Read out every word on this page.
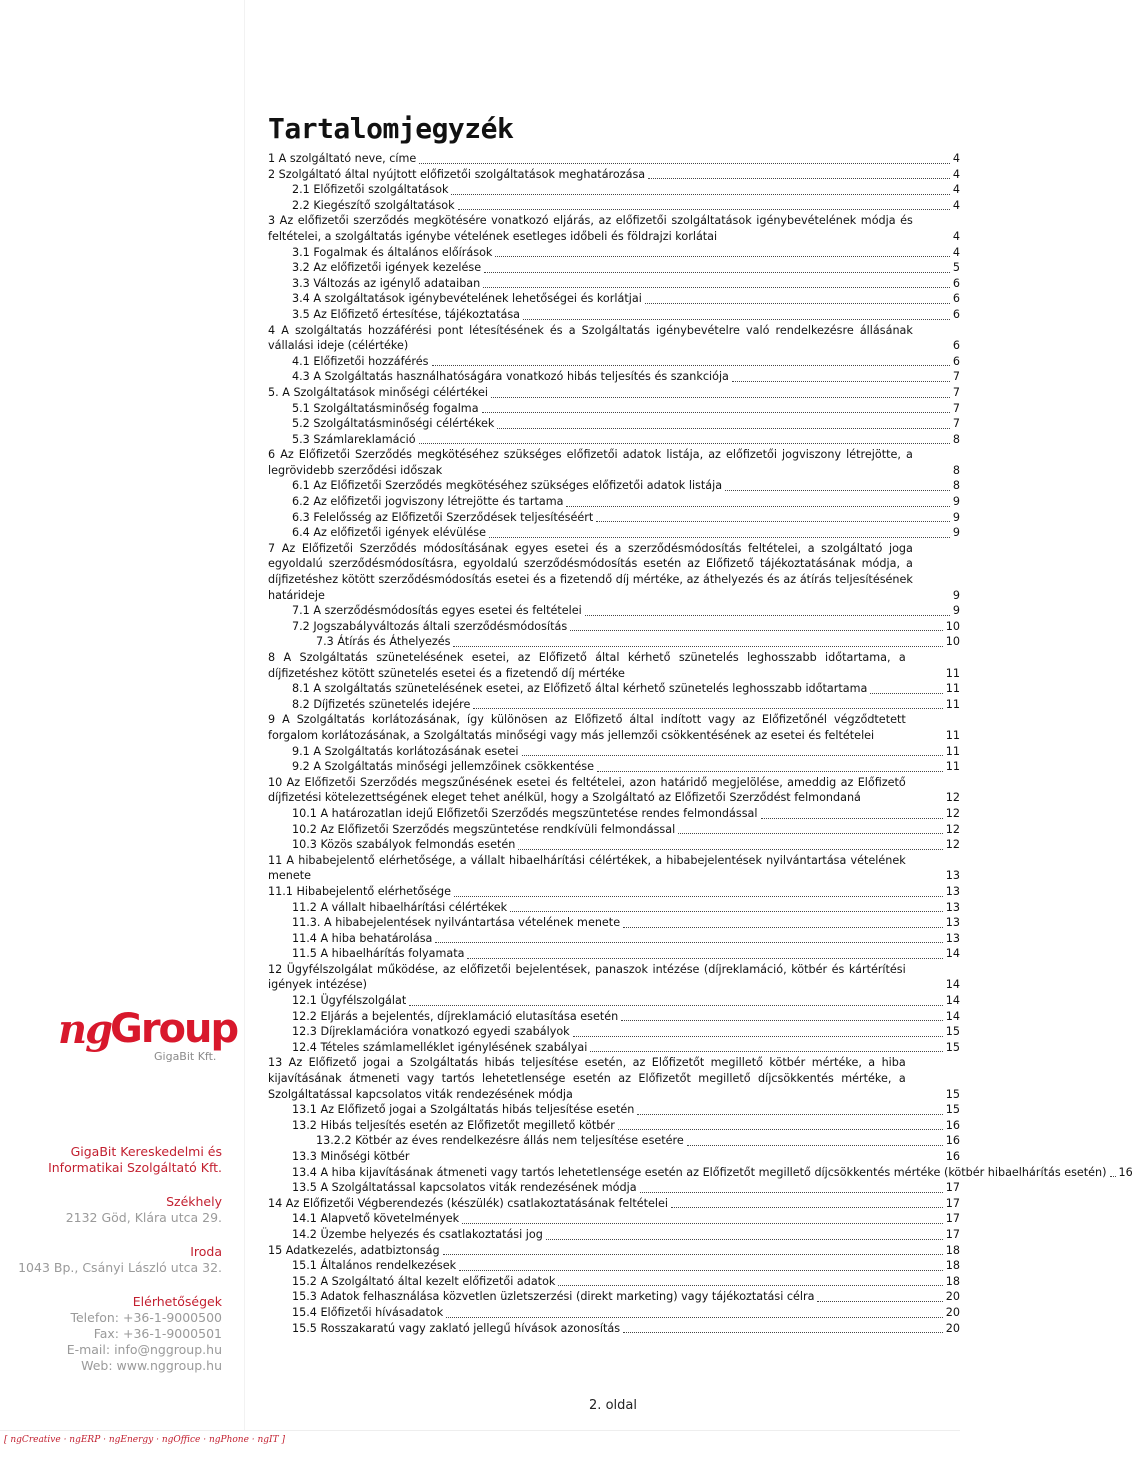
ng
Group
GigaBit Kft.
GigaBit Kereskedelmi és
Informatikai Szolgáltató Kft.
Székhely
2132 Göd, Klára utca 29.
Iroda
1043 Bp., Csányi László utca 32.
Elérhetőségek
Telefon: +36-1-9000500
Fax: +36-1-9000501
E-mail: info@nggroup.hu
Web: www.nggroup.hu
Tartalomjegyzék
1 A szolgáltató neve, címe	4
2 Szolgáltató által nyújtott előfizetői szolgáltatások meghatározása	4
2.1 Előfizetői szolgáltatások	4
2.2 Kiegészítő szolgáltatások	4
3 Az előfizetői szerződés megkötésére vonatkozó eljárás, az előfizetői szolgáltatások igénybevételének módja és feltételei, a szolgáltatás igénybe vételének esetleges időbeli és földrajzi korlátai	4
3.1 Fogalmak és általános előírások	4
3.2 Az előfizetői igények kezelése	5
3.3 Változás az igénylő adataiban	6
3.4 A szolgáltatások igénybevételének lehetőségei és korlátjai	6
3.5 Az Előfizető értesítése, tájékoztatása	6
4 A szolgáltatás hozzáférési pont létesítésének és a Szolgáltatás igénybevételre való rendelkezésre állásának vállalási ideje (célértéke)	6
4.1 Előfizetői hozzáférés	6
4.3 A Szolgáltatás használhatóságára vonatkozó hibás teljesítés és szankciója	7
5. A Szolgáltatások minőségi célértékei	7
5.1 Szolgáltatásminőség fogalma	7
5.2 Szolgáltatásminőségi célértékek	7
5.3 Számlareklamáció	8
6 Az Előfizetői Szerződés megkötéséhez szükséges előfizetői adatok listája, az előfizetői jogviszony létrejötte, a legrövidebb szerződési időszak	8
6.1 Az Előfizetői Szerződés megkötéséhez szükséges előfizetői adatok listája	8
6.2 Az előfizetői jogviszony létrejötte és tartama	9
6.3 Felelősség az Előfizetői Szerződések teljesítéséért	9
6.4 Az előfizetői igények elévülése	9
7 Az Előfizetői Szerződés módosításának egyes esetei és a szerződésmódosítás feltételei, a szolgáltató joga egyoldalú szerződésmódosításra, egyoldalú szerződésmódosítás esetén az Előfizető tájékoztatásának módja, a díjfizetéshez kötött szerződésmódosítás esetei és a fizetendő díj mértéke, az áthelyezés és az átírás teljesítésének határideje	9
7.1 A szerződésmódosítás egyes esetei és feltételei	9
7.2 Jogszabályváltozás általi szerződésmódosítás	10
7.3 Átírás és Áthelyezés	10
8 A Szolgáltatás szünetelésének esetei, az Előfizető által kérhető szünetelés leghosszabb időtartama, a díjfizetéshez kötött szünetelés esetei és a fizetendő díj mértéke	11
8.1 A szolgáltatás szünetelésének esetei, az Előfizető által kérhető szünetelés leghosszabb időtartama	11
8.2 Díjfizetés szünetelés idejére	11
9 A Szolgáltatás korlátozásának, így különösen az Előfizető által indított vagy az Előfizetőnél végződtetett forgalom korlátozásának, a Szolgáltatás minőségi vagy más jellemzői csökkentésének az esetei és feltételei	11
9.1 A Szolgáltatás korlátozásának esetei	11
9.2 A Szolgáltatás minőségi jellemzőinek csökkentése	11
10 Az Előfizetői Szerződés megszűnésének esetei és feltételei, azon határidő megjelölése, ameddig az Előfizető díjfizetési kötelezettségének eleget tehet anélkül, hogy a Szolgáltató az Előfizetői Szerződést felmondaná	12
10.1 A határozatlan idejű Előfizetői Szerződés megszüntetése rendes felmondással	12
10.2 Az Előfizetői Szerződés megszüntetése rendkívüli felmondással	12
10.3 Közös szabályok felmondás esetén	12
11 A hibabejelentő elérhetősége, a vállalt hibaelhárítási célértékek, a hibabejelentések nyilvántartása vételének menete	13
11.1 Hibabejelentő elérhetősége	13
11.2 A vállalt hibaelhárítási célértékek	13
11.3. A hibabejelentések nyilvántartása vételének menete	13
11.4 A hiba behatárolása	13
11.5 A hibaelhárítás folyamata	14
12 Ügyfélszolgálat működése, az előfizetői bejelentések, panaszok intézése (díjreklamáció, kötbér és kártérítési igények intézése)	14
12.1 Ügyfélszolgálat	14
12.2 Eljárás a bejelentés, díjreklamáció elutasítása esetén	14
12.3 Díjreklamációra vonatkozó egyedi szabályok	15
12.4 Tételes számlamelléklet igénylésének szabályai	15
13 Az Előfizető jogai a Szolgáltatás hibás teljesítése esetén, az Előfizetőt megillető kötbér mértéke, a hiba kijavításának átmeneti vagy tartós lehetetlensége esetén az Előfizetőt megillető díjcsökkentés mértéke, a Szolgáltatással kapcsolatos viták rendezésének módja	15
13.1 Az Előfizető jogai a Szolgáltatás hibás teljesítése esetén	15
13.2 Hibás teljesítés esetén az Előfizetőt megillető kötbér	16
13.2.2 Kötbér az éves rendelkezésre állás nem teljesítése esetére	16
13.3 Minőségi kötbér	16
13.4 A hiba kijavításának átmeneti vagy tartós lehetetlensége esetén az Előfizetőt megillető díjcsökkentés mértéke (kötbér hibaelhárítás esetén) 16
13.5 A Szolgáltatással kapcsolatos viták rendezésének módja	17
14 Az Előfizetői Végberendezés (készülék) csatlakoztatásának feltételei	17
14.1 Alapvető követelmények	17
14.2 Üzembe helyezés és csatlakoztatási jog	17
15 Adatkezelés, adatbiztonság	18
15.1 Általános rendelkezések	18
15.2 A Szolgáltató által kezelt előfizetői adatok	18
15.3 Adatok felhasználása közvetlen üzletszerzési (direkt marketing) vagy tájékoztatási célra	20
15.4 Előfizetői hívásadatok	20
15.5 Rosszakaratú vagy zaklató jellegű hívások azonosítás	20
2. oldal
[ ngCreative · ngERP · ngEnergy · ngOffice · ngPhone · ngIT ]
